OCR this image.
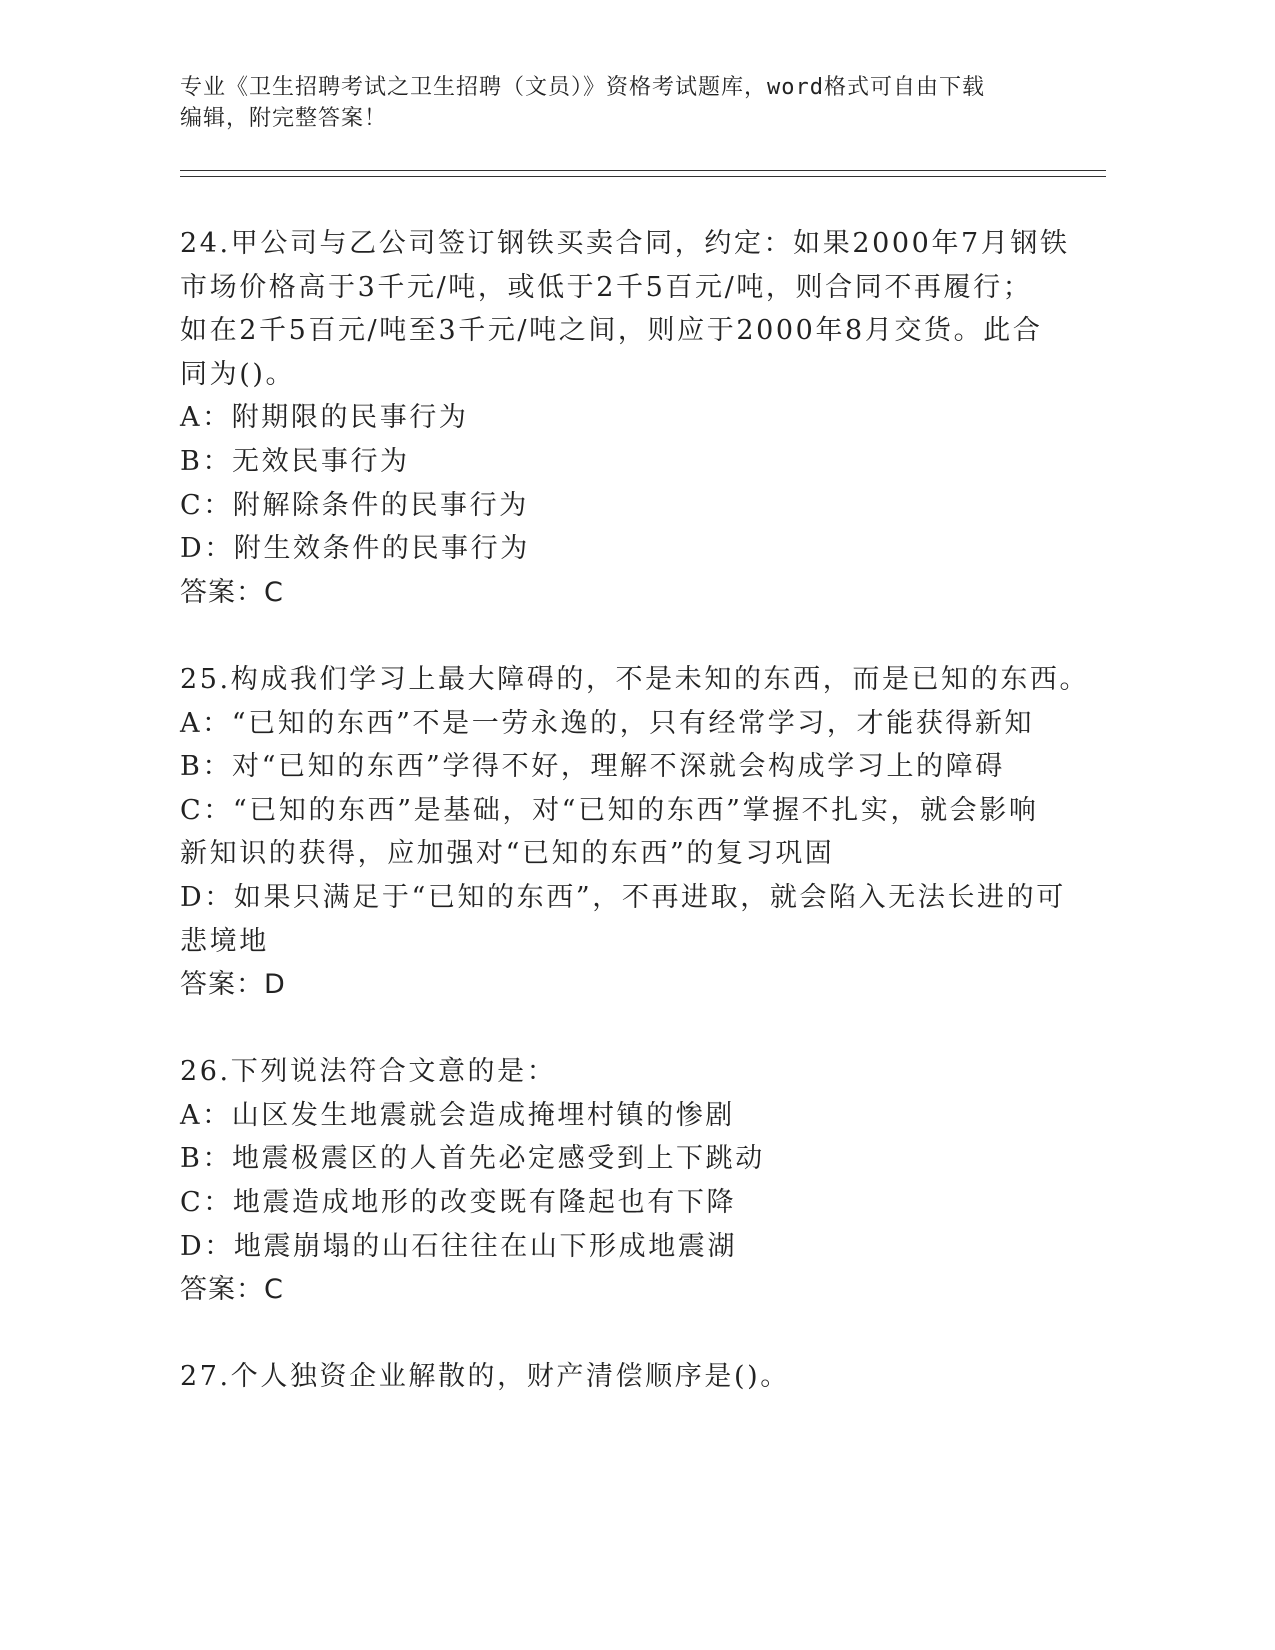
专业《卫生招聘考试之卫生招聘（文员）》资格考试题库，word格式可自由下载
编辑，附完整答案！
24.甲公司与乙公司签订钢铁买卖合同，约定：如果2000年7月钢铁
市场价格高于3千元/吨，或低于2千5百元/吨，则合同不再履行；
如在2千5百元/吨至3千元/吨之间，则应于2000年8月交货。此合
同为()。
A：附期限的民事行为
B：无效民事行为
C：附解除条件的民事行为
D：附生效条件的民事行为
答案：C
25.构成我们学习上最大障碍的，不是未知的东西，而是已知的东西。
A：“已知的东西”不是一劳永逸的，只有经常学习，才能获得新知
B：对“已知的东西”学得不好，理解不深就会构成学习上的障碍
C：“已知的东西”是基础，对“已知的东西”掌握不扎实，就会影响
新知识的获得，应加强对“已知的东西”的复习巩固
D：如果只满足于“已知的东西”，不再进取，就会陷入无法长进的可
悲境地
答案：D
26.下列说法符合文意的是：
A：山区发生地震就会造成掩埋村镇的惨剧
B：地震极震区的人首先必定感受到上下跳动
C：地震造成地形的改变既有隆起也有下降
D：地震崩塌的山石往往在山下形成地震湖
答案：C
27.个人独资企业解散的，财产清偿顺序是()。
